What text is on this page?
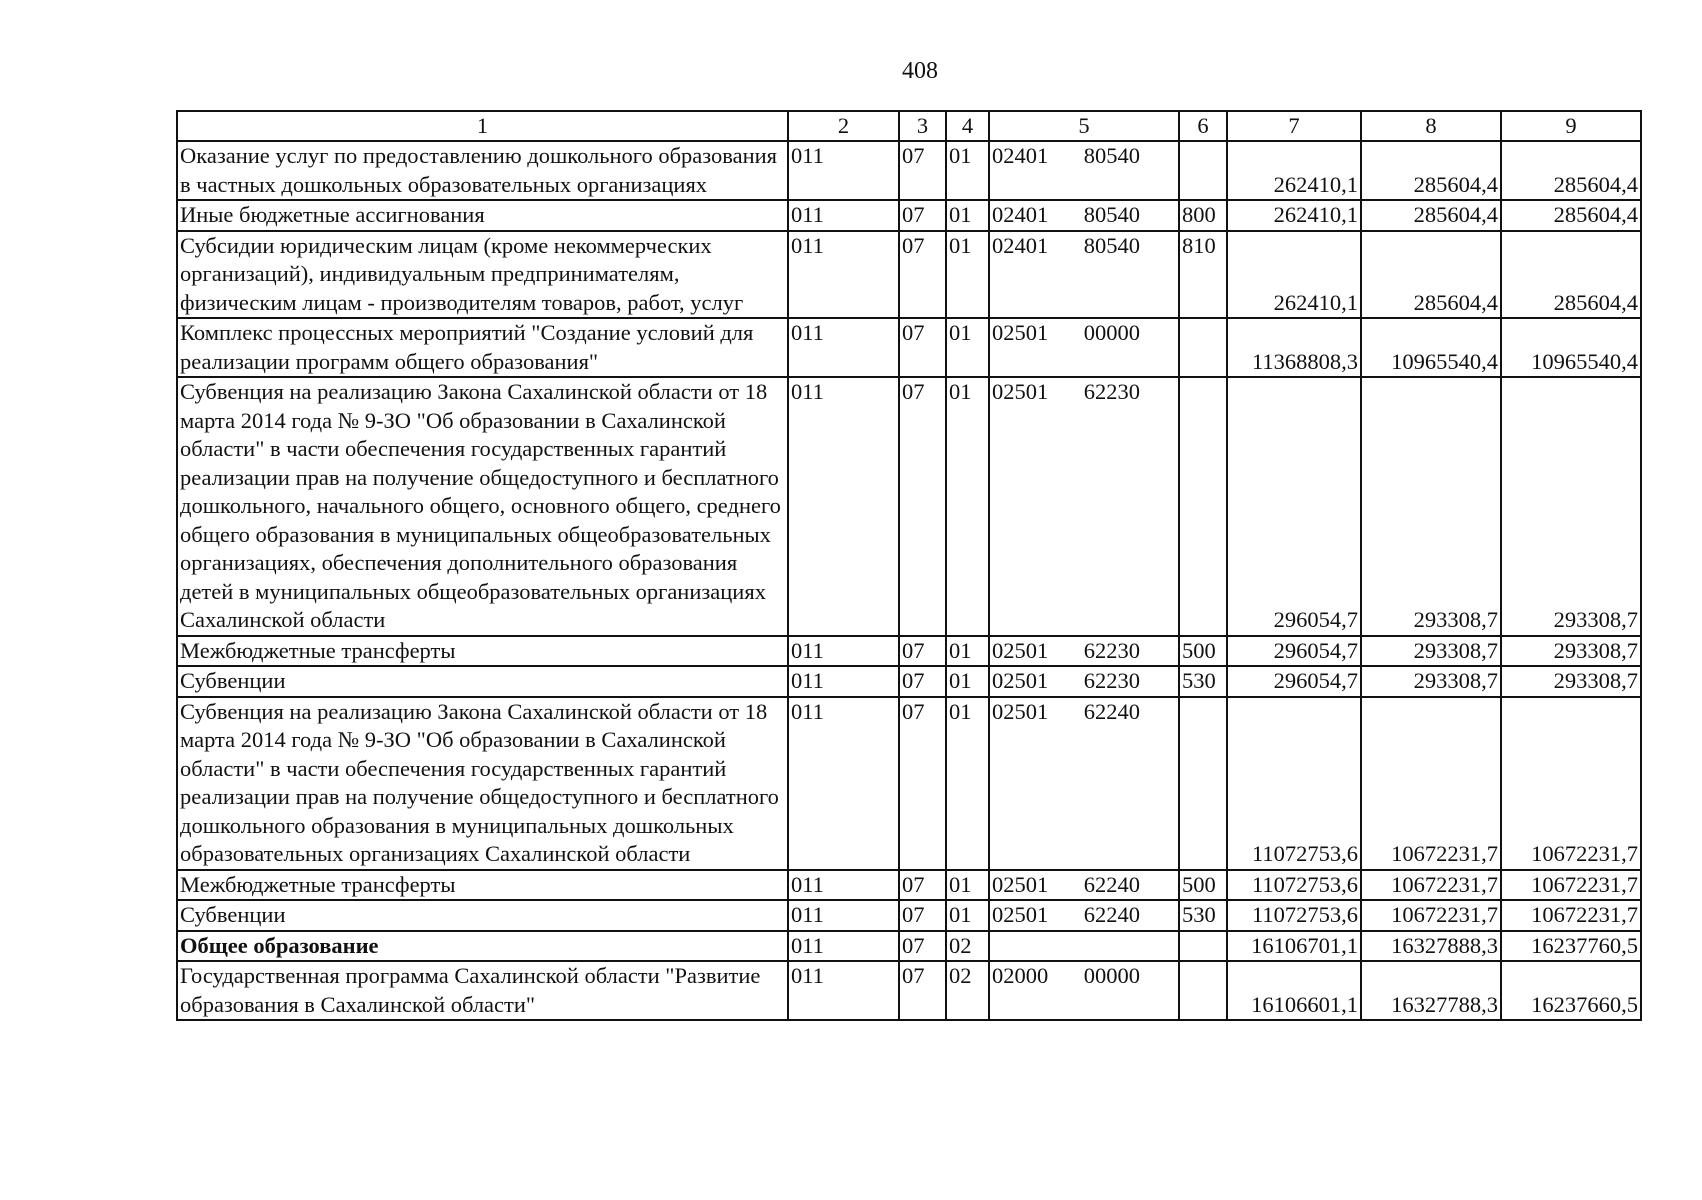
408
1	2	3	4	5	6	7	8	9
Оказание услуг по предоставлению дошкольного образования в частных дошкольных образовательных организациях	011	07	01	02401 80540		262410,1	285604,4	285604,4
Иные бюджетные ассигнования	011	07	01	02401 80540	800	262410,1	285604,4	285604,4
Субсидии юридическим лицам (кроме некоммерческих организаций), индивидуальным предпринимателям, физическим лицам - производителям товаров, работ, услуг	011	07	01	02401 80540	810	262410,1	285604,4	285604,4
Комплекс процессных мероприятий "Создание условий для реализации программ общего образования"	011	07	01	02501 00000		11368808,3	10965540,4	10965540,4
Субвенция на реализацию Закона Сахалинской области от 18 марта 2014 года № 9-ЗО "Об образовании в Сахалинской области" в части обеспечения государственных гарантий реализации прав на получение общедоступного и бесплатного дошкольного, начального общего, основного общего, среднего общего образования в муниципальных общеобразовательных организациях, обеспечения дополнительного образования детей в муниципальных общеобразовательных организациях Сахалинской области	011	07	01	02501 62230		296054,7	293308,7	293308,7
Межбюджетные трансферты	011	07	01	02501 62230	500	296054,7	293308,7	293308,7
Субвенции	011	07	01	02501 62230	530	296054,7	293308,7	293308,7
Субвенция на реализацию Закона Сахалинской области от 18 марта 2014 года № 9-ЗО "Об образовании в Сахалинской области" в части обеспечения государственных гарантий реализации прав на получение общедоступного и бесплатного дошкольного образования в муниципальных дошкольных образовательных организациях Сахалинской области	011	07	01	02501 62240		11072753,6	10672231,7	10672231,7
Межбюджетные трансферты	011	07	01	02501 62240	500	11072753,6	10672231,7	10672231,7
Субвенции	011	07	01	02501 62240	530	11072753,6	10672231,7	10672231,7
Общее образование	011	07	02			16106701,1	16327888,3	16237760,5
Государственная программа Сахалинской области "Развитие образования в Сахалинской области"	011	07	02	02000 00000		16106601,1	16327788,3	16237660,5
